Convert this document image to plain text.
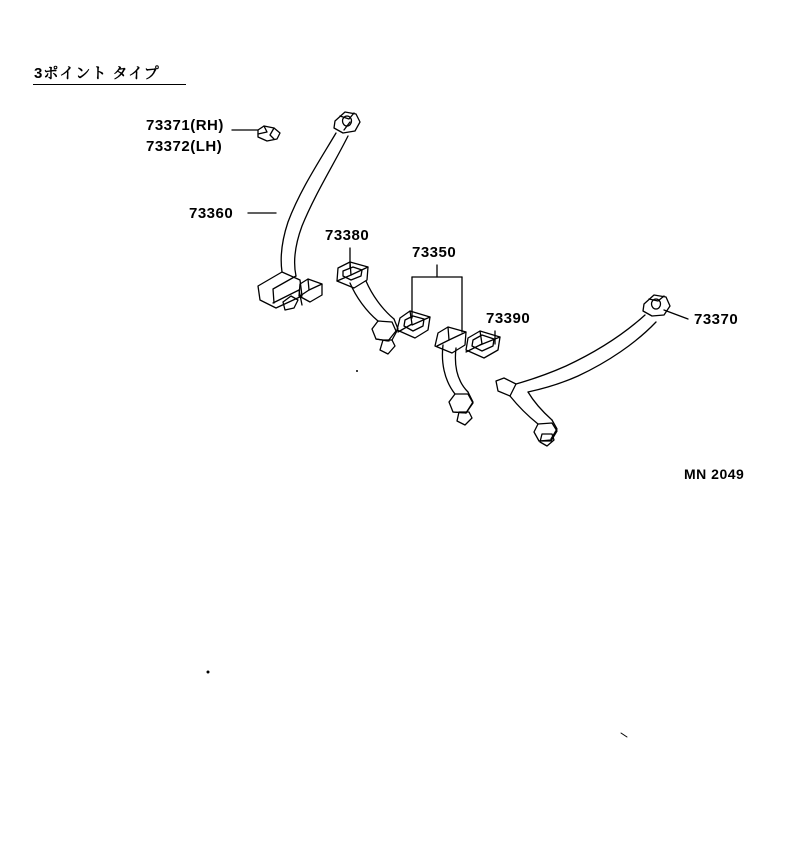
3ポイント タイプ
73371(RH)
73372(LH)
73360
73380
73350
73390	73370
MN 2049
